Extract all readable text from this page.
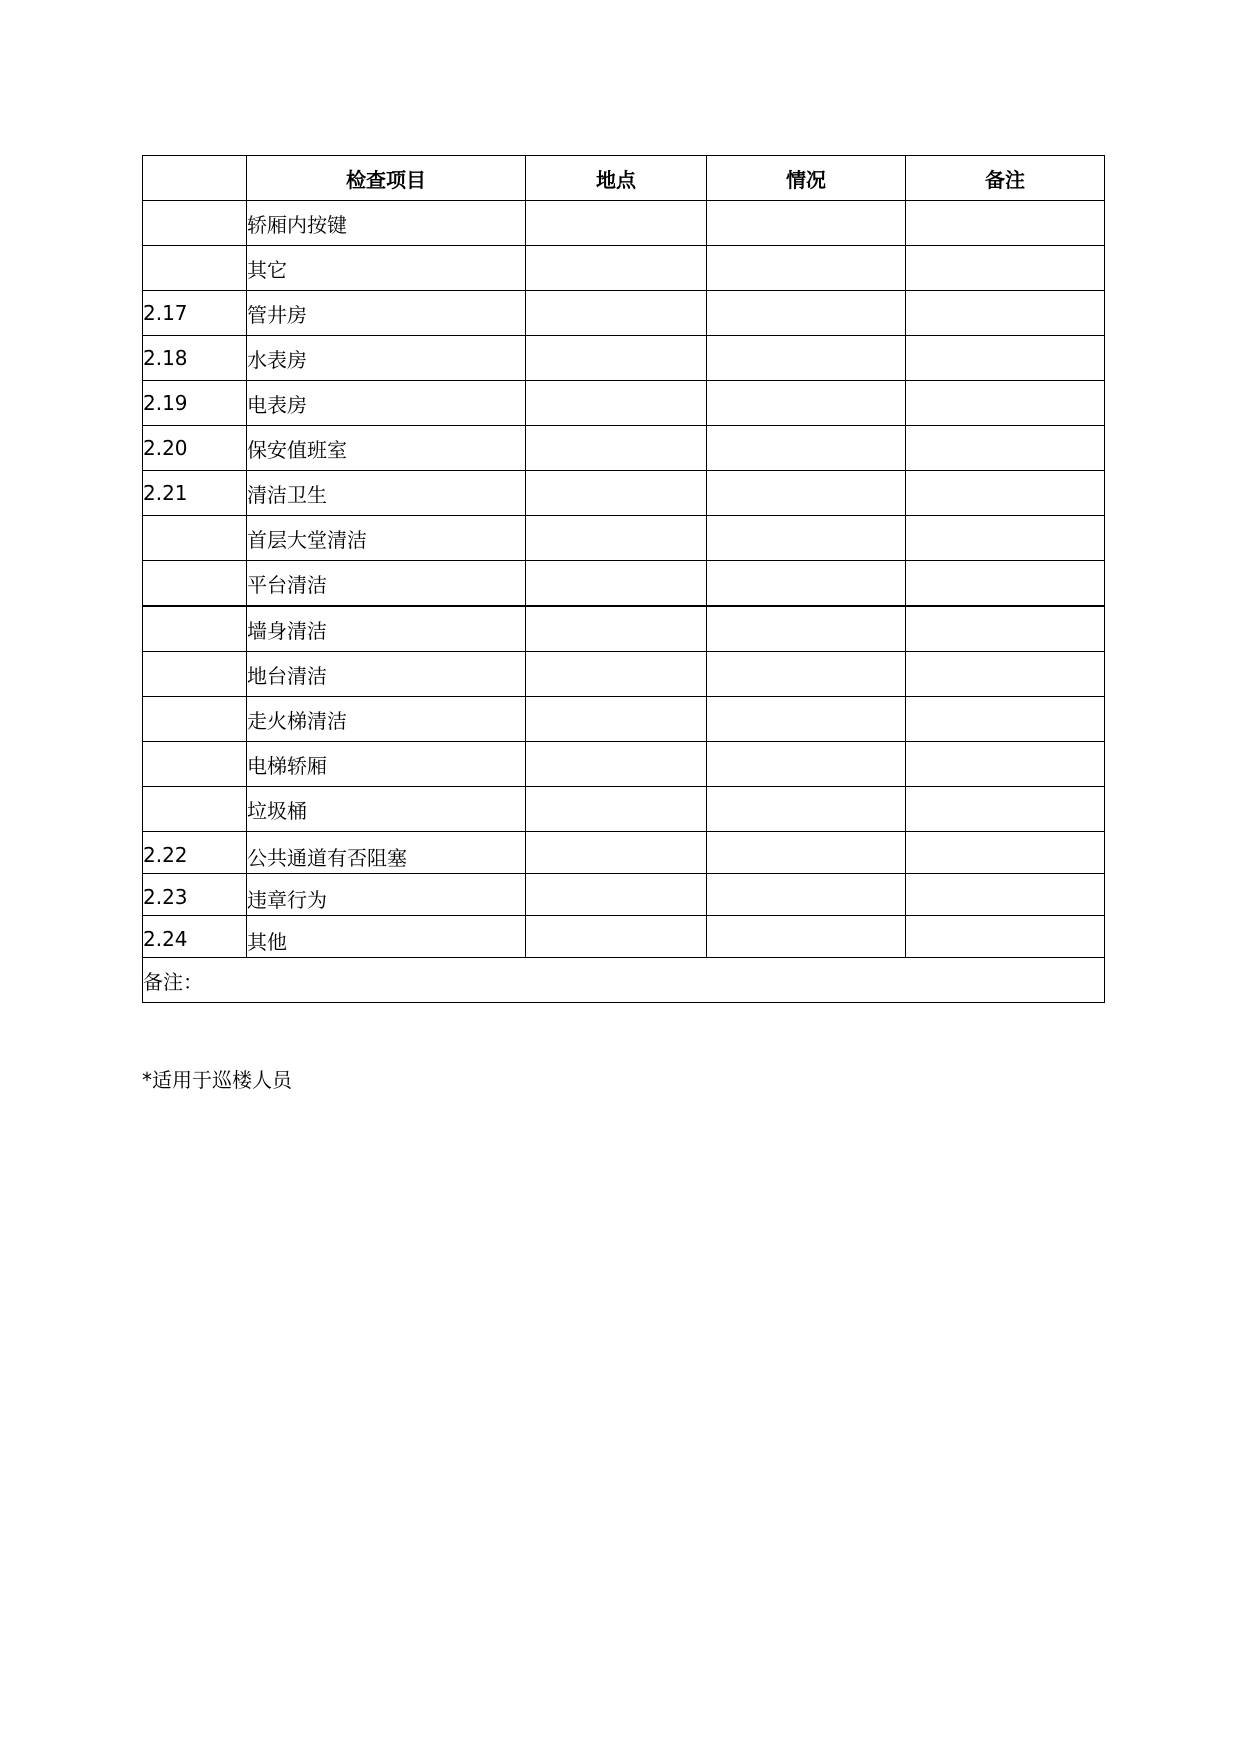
	检查项目	地点	情况	备注
	轿厢内按键			
	其它			
2.17	管井房			
2.18	水表房			
2.19	电表房			
2.20	保安值班室			
2.21	清洁卫生			
	首层大堂清洁			
	平台清洁			
	墙身清洁			
	地台清洁			
	走火梯清洁			
	电梯轿厢			
	垃圾桶			
2.22	公共通道有否阻塞			
2.23	违章行为			
2.24	其他			
备注：				
*适用于巡楼人员
